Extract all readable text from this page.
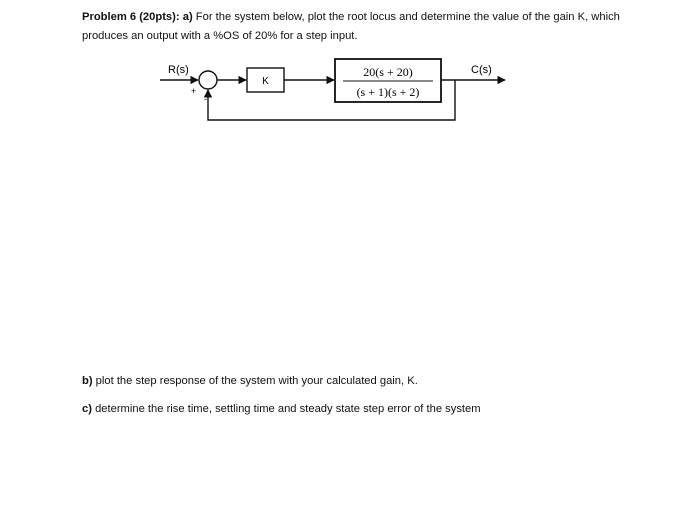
Problem 6 (20pts): a) For the system below, plot the root locus and determine the value of the gain K, which produces an output with a %OS of 20% for a step input.
R(s)
+
-
K
20(s + 20)
(s + 1)(s + 2)
C(s)
b) plot the step response of the system with your calculated gain, K.
c) determine the rise time, settling time and steady state step error of the system
